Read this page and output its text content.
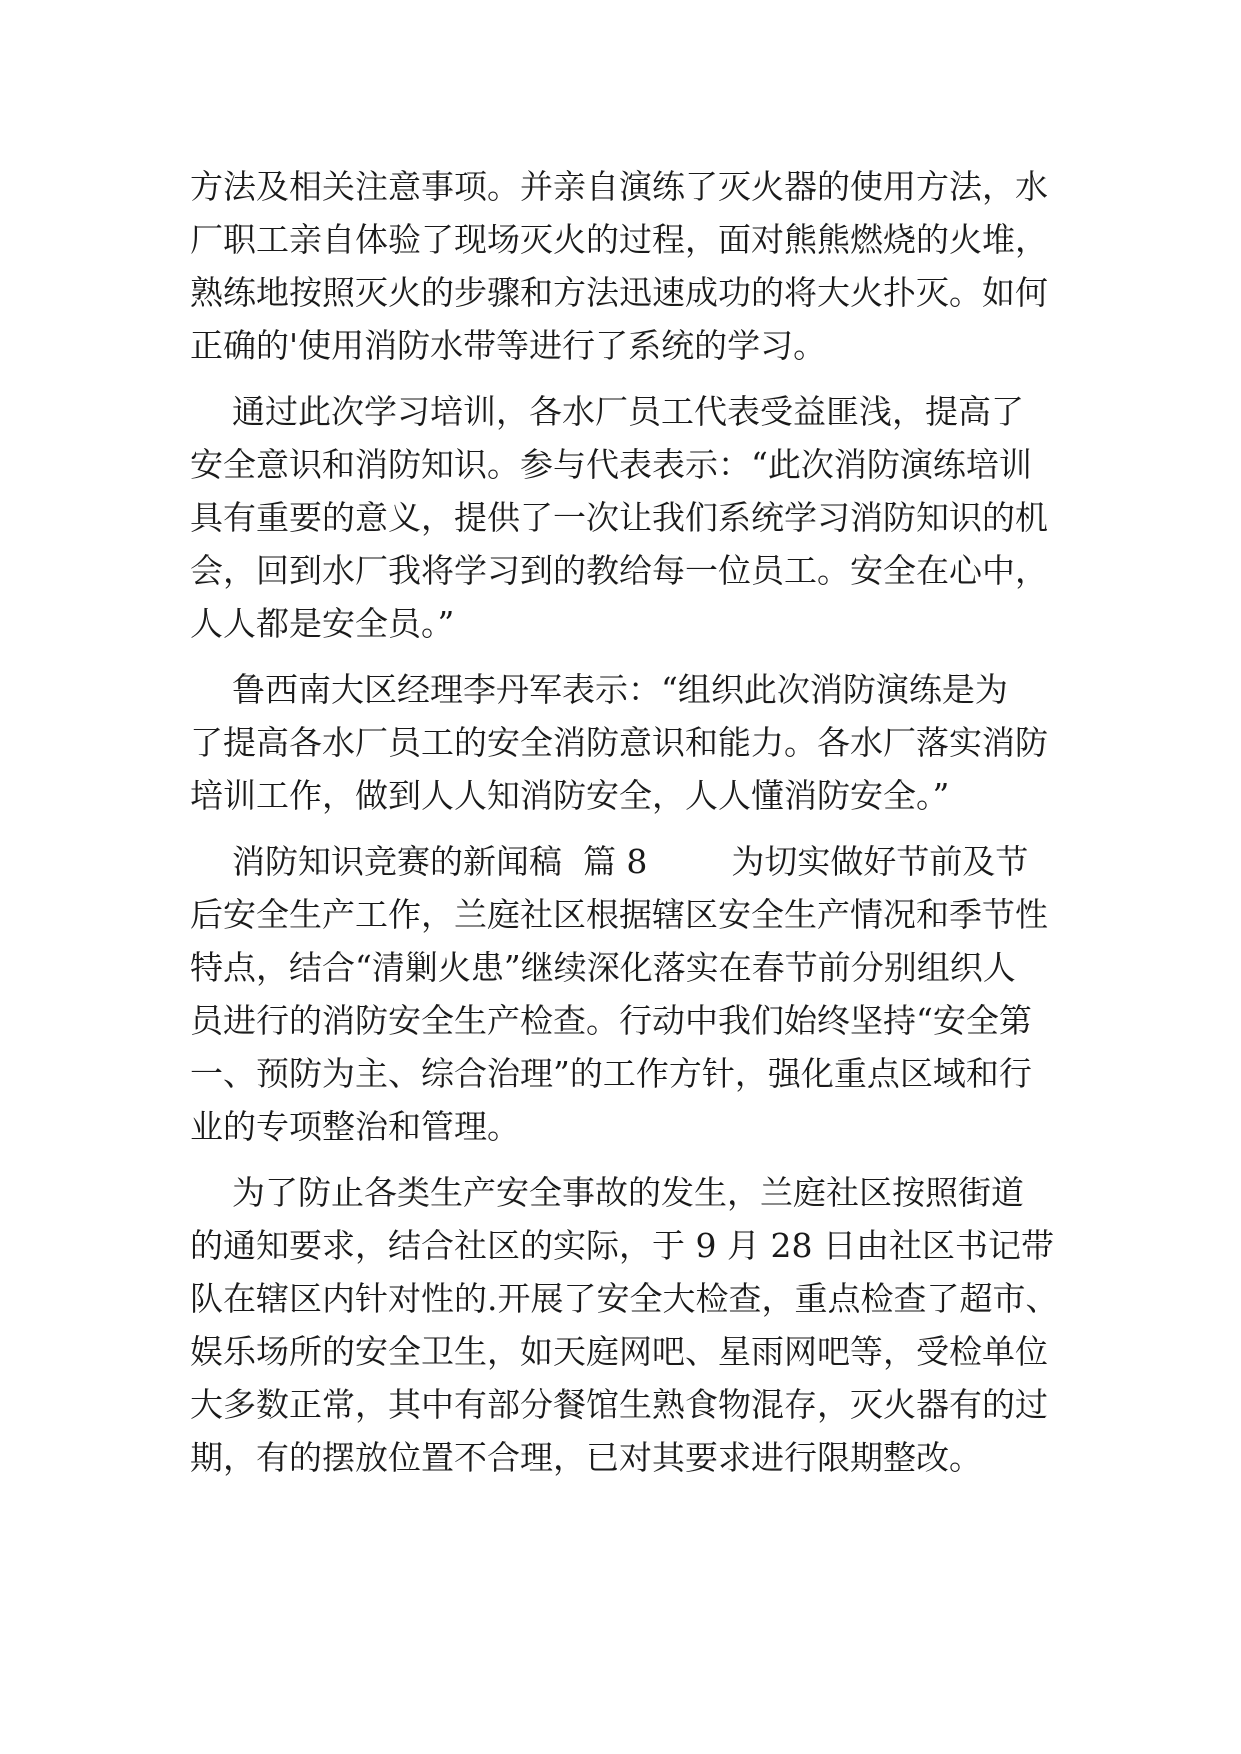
方法及相关注意事项。并亲自演练了灭火器的使用方法，水
厂职工亲自体验了现场灭火的过程，面对熊熊燃烧的火堆，
熟练地按照灭火的步骤和方法迅速成功的将大火扑灭。如何
正确的'使用消防水带等进行了系统的学习。
通过此次学习培训，各水厂员工代表受益匪浅，提高了
安全意识和消防知识。参与代表表示：“此次消防演练培训
具有重要的意义，提供了一次让我们系统学习消防知识的机
会，回到水厂我将学习到的教给每一位员工。安全在心中，
人人都是安全员。”
鲁西南大区经理李丹军表示：“组织此次消防演练是为
了提高各水厂员工的安全消防意识和能力。各水厂落实消防
培训工作，做到人人知消防安全，人人懂消防安全。”
消防知识竞赛的新闻稿  篇 8        为切实做好节前及节
后安全生产工作，兰庭社区根据辖区安全生产情况和季节性
特点，结合“清剿火患”继续深化落实在春节前分别组织人
员进行的消防安全生产检查。行动中我们始终坚持“安全第
一、预防为主、综合治理”的工作方针，强化重点区域和行
业的专项整治和管理。
为了防止各类生产安全事故的发生，兰庭社区按照街道
的通知要求，结合社区的实际，于 9 月 28 日由社区书记带
队在辖区内针对性的.开展了安全大检查，重点检查了超市、
娱乐场所的安全卫生，如天庭网吧、星雨网吧等，受检单位
大多数正常，其中有部分餐馆生熟食物混存，灭火器有的过
期，有的摆放位置不合理，已对其要求进行限期整改。
